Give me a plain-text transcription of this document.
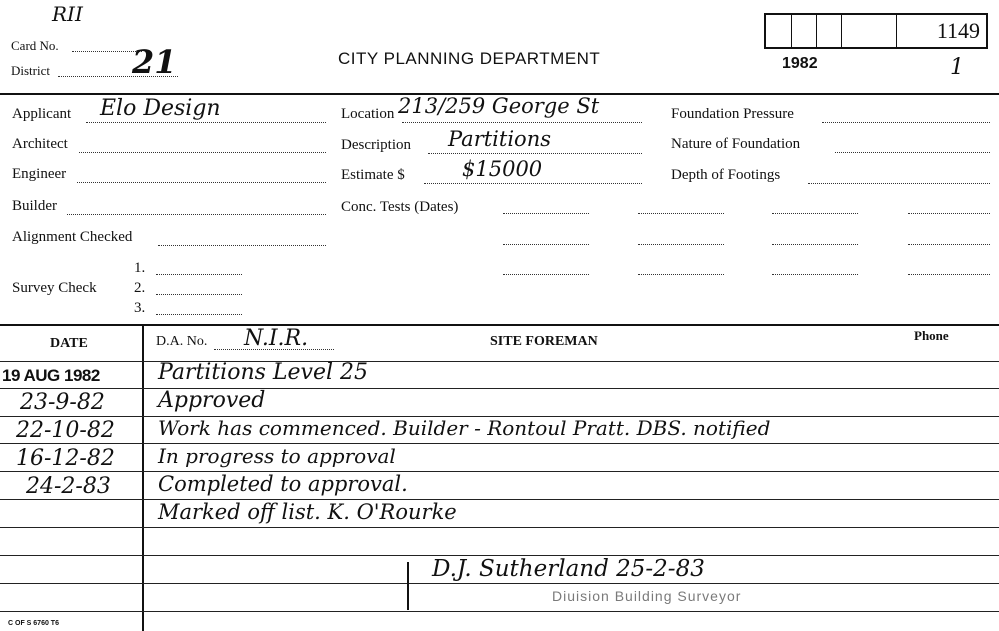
RII
Card No.
District	21	CITY PLANNING DEPARTMENT
1149
1982	1
Applicant Elo Design
Architect
Engineer
Builder
Alignment Checked
Survey Check
1.
2.
3.
Location 213/259 George St
Description Partitions
Estimate $	$15000
Conc. Tests (Dates)
Foundation Pressure
Nature of Foundation
Depth of Footings
DATE	D.A. No. N.I.R.	SITE FOREMAN	Phone
19 AUG 1982	Partitions Level 25
23-9-82 Approved
22-10-82 Work has commenced. Builder - Rontoul Pratt. DBS. notified
16-12-82 In progress to approval
24-2-83 Completed to approval.
Marked off list. K. O'Rourke
D.J. Sutherland 25-2-83
Diuision Building Surveyor
C OF S 6760 T6
